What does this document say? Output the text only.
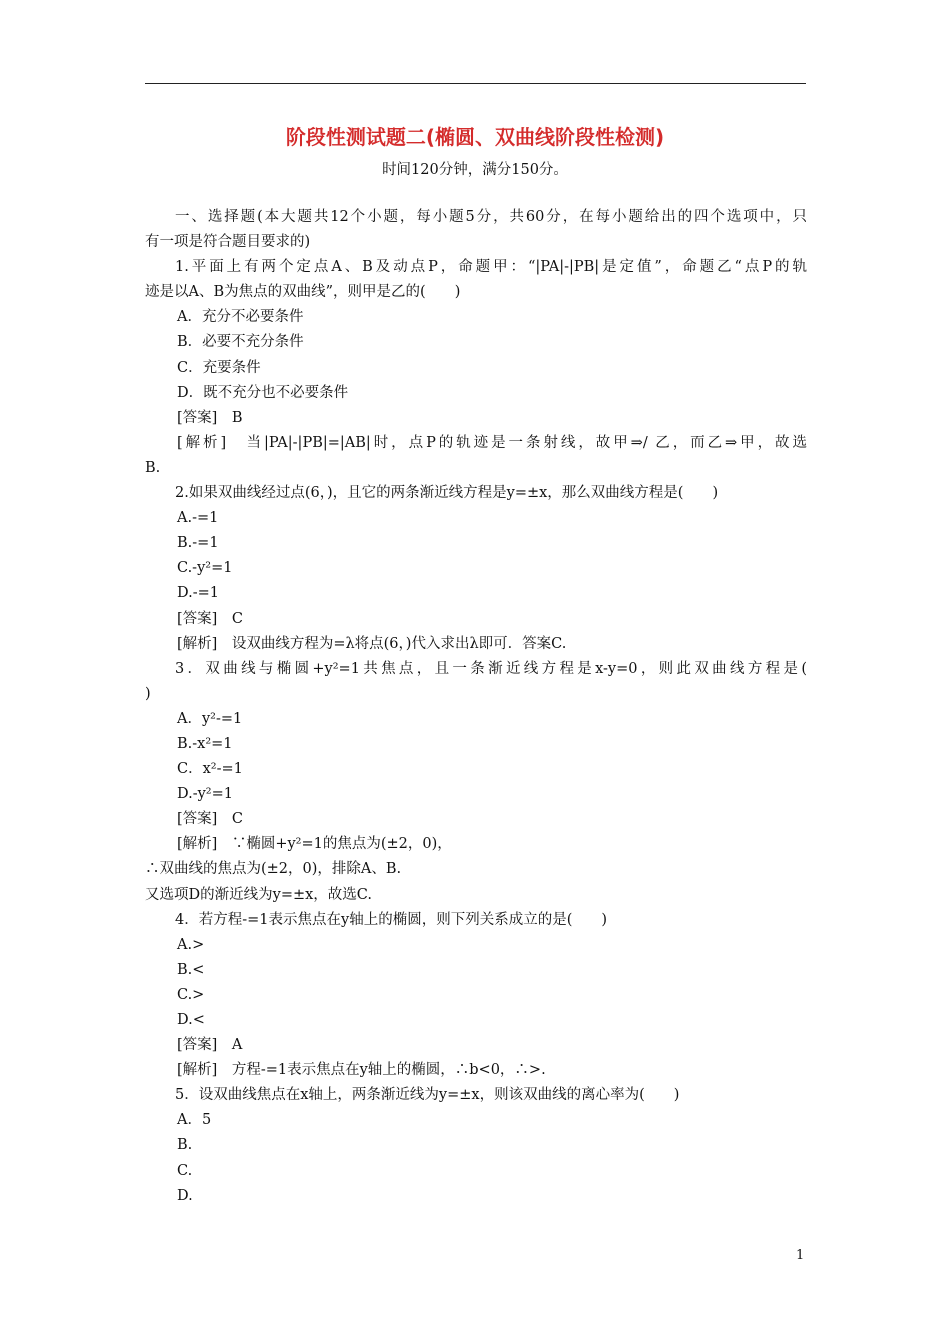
阶段性测试题二(椭圆、双曲线阶段性检测)
时间120分钟，满分150分。
一、选择题(本大题共12个小题，每小题5分，共60分，在每小题给出的四个选项中，只
有一项是符合题目要求的)
1.平面上有两个定点A、B及动点P，命题甲：“|PA|-|PB|是定值”，命题乙“点P的轨
迹是以A、B为焦点的双曲线”，则甲是乙的(　　)
A．充分不必要条件
B．必要不充分条件
C．充要条件
D．既不充分也不必要条件
[答案]　B
[解析]　当|PA|-|PB|=|AB|时，点P的轨迹是一条射线，故甲⇒/ 乙，而乙⇒甲，故选
B.
2.如果双曲线经过点(6，)，且它的两条渐近线方程是y=±x，那么双曲线方程是(　　)
A.-=1
B.-=1
C.-y²=1
D.-=1
[答案]　C
[解析]　设双曲线方程为=λ将点(6，)代入求出λ即可．答案C.
3．双曲线与椭圆+y²=1共焦点，且一条渐近线方程是x-y=0，则此双曲线方程是(
)
A．y²-=1
B.-x²=1
C．x²-=1
D.-y²=1
[答案]　C
[解析]　∵椭圆+y²=1的焦点为(±2，0)，
∴双曲线的焦点为(±2，0)，排除A、B.
又选项D的渐近线为y=±x，故选C.
4．若方程-=1表示焦点在y轴上的椭圆，则下列关系成立的是(　　)
A.>
B.<
C.>
D.<
[答案]　A
[解析]　方程-=1表示焦点在y轴上的椭圆，∴b<0，∴>.
5．设双曲线焦点在x轴上，两条渐近线为y=±x，则该双曲线的离心率为(　　)
A．5
B.
C.
D.
1
